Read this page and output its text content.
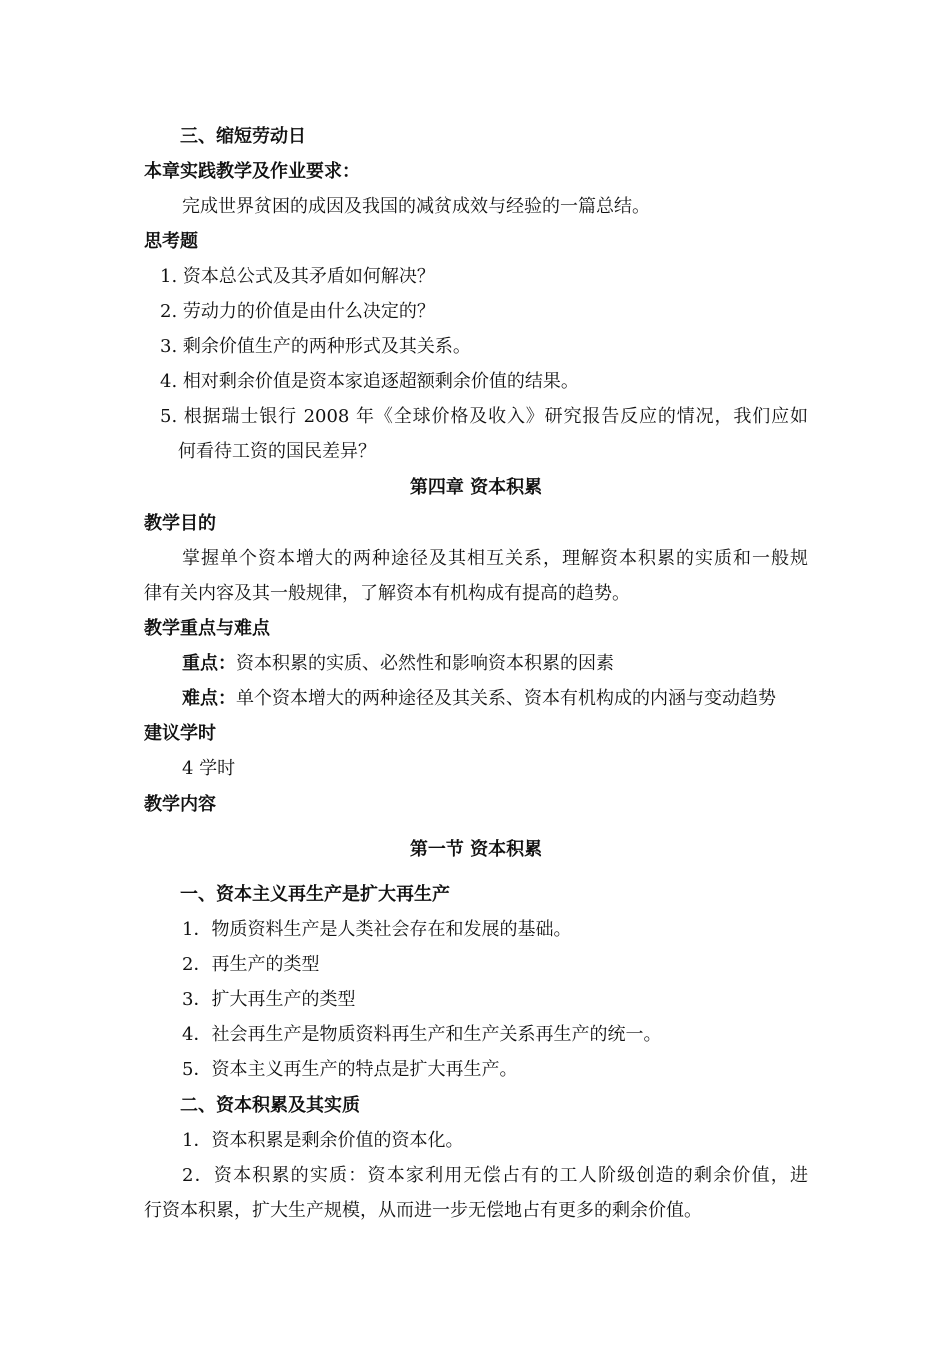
三、缩短劳动日
本章实践教学及作业要求：
完成世界贫困的成因及我国的减贫成效与经验的一篇总结。
思考题
1. 资本总公式及其矛盾如何解决？
2. 劳动力的价值是由什么决定的？
3. 剩余价值生产的两种形式及其关系。
4. 相对剩余价值是资本家追逐超额剩余价值的结果。
5. 根据瑞士银行 2008 年《全球价格及收入》研究报告反应的情况，我们应如
何看待工资的国民差异？
第四章 资本积累
教学目的
掌握单个资本增大的两种途径及其相互关系，理解资本积累的实质和一般规
律有关内容及其一般规律，了解资本有机构成有提高的趋势。
教学重点与难点
重点：资本积累的实质、必然性和影响资本积累的因素
难点：单个资本增大的两种途径及其关系、资本有机构成的内涵与变动趋势
建议学时
4 学时
教学内容
第一节 资本积累
一、资本主义再生产是扩大再生产
1．物质资料生产是人类社会存在和发展的基础。
2．再生产的类型
3．扩大再生产的类型
4．社会再生产是物质资料再生产和生产关系再生产的统一。
5．资本主义再生产的特点是扩大再生产。
二、资本积累及其实质
1．资本积累是剩余价值的资本化。
2．资本积累的实质：资本家利用无偿占有的工人阶级创造的剩余价值，进
行资本积累，扩大生产规模，从而进一步无偿地占有更多的剩余价值。
